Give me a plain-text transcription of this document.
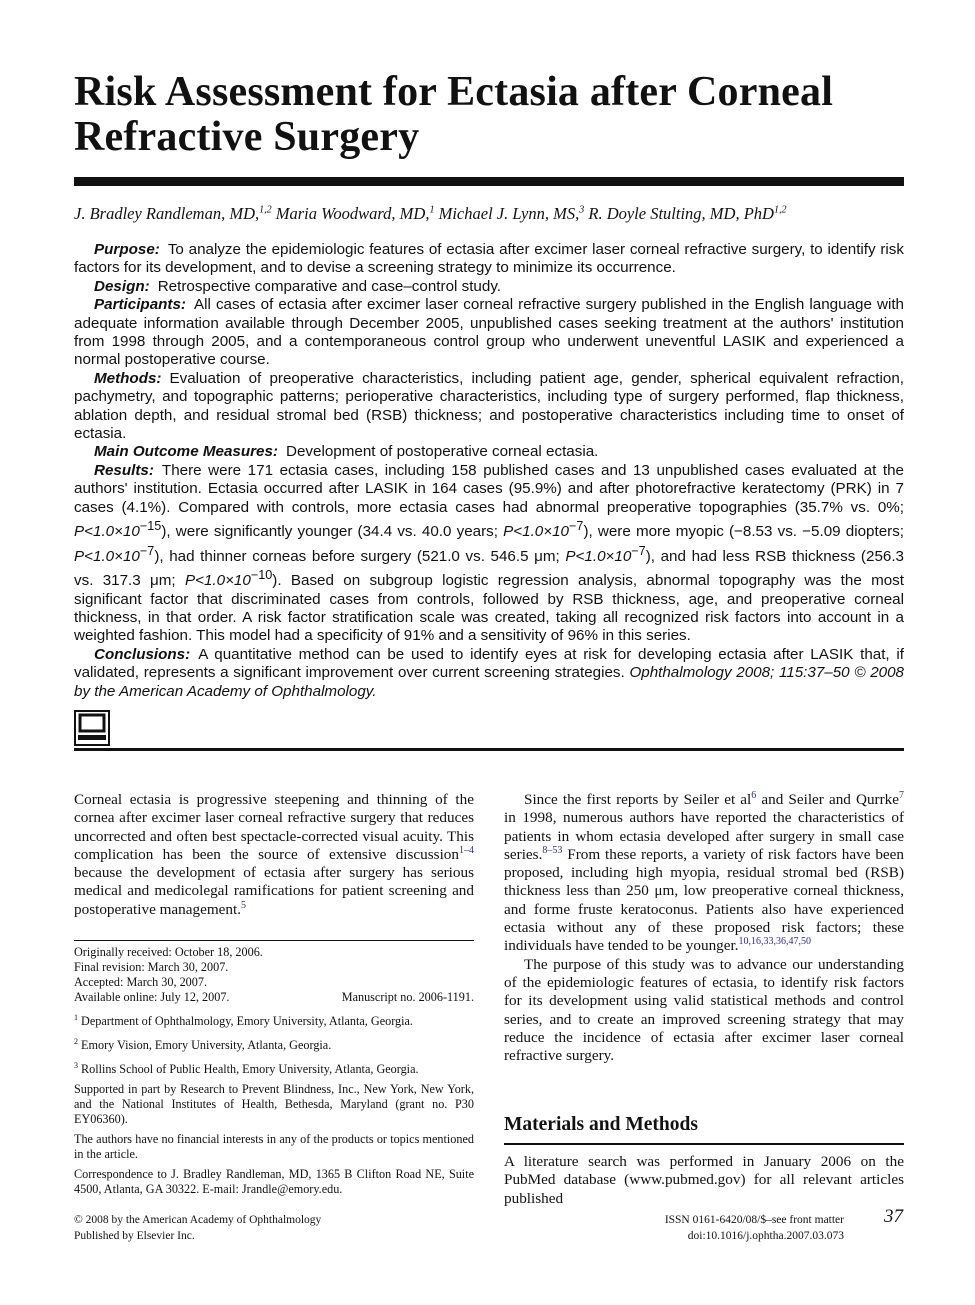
Risk Assessment for Ectasia after Corneal Refractive Surgery
J. Bradley Randleman, MD,$^{1,2}$ Maria Woodward, MD,$^1$ Michael J. Lynn, MS,$^3$ R. Doyle Stulting, MD, PhD$^{1,2}$

Purpose: To analyze the epidemiologic features of ectasia after excimer laser corneal refractive surgery, to identify risk factors for its development, and to devise a screening strategy to minimize its occurrence.

Design: Retrospective comparative and case–control study.

Participants: All cases of ectasia after excimer laser corneal refractive surgery published in the English language with adequate information available through December 2005, unpublished cases seeking treatment at the authors' institution from 1998 through 2005, and a contemporaneous control group who underwent uneventful LASIK and experienced a normal postoperative course.

Methods: Evaluation of preoperative characteristics, including patient age, gender, spherical equivalent refraction, pachymetry, and topographic patterns; perioperative characteristics, including type of surgery performed, flap thickness, ablation depth, and residual stromal bed (RSB) thickness; and postoperative characteristics including time to onset of ectasia.

Main Outcome Measures: Development of postoperative corneal ectasia.

Results: There were 171 ectasia cases, including 158 published cases and 13 unpublished cases evaluated at the authors' institution. Ectasia occurred after LASIK in 164 cases (95.9%) and after photorefractive keratectomy (PRK) in 7 cases (4.1%). Compared with controls, more ectasia cases had abnormal preoperative topographies (35.7% vs. 0%; $P<1.0\times 10^{-15}$), were significantly younger (34.4 vs. 40.0 years; $P<1.0\times 10^{-7}$), were more myopic (−8.53 vs. −5.09 diopters; $P<1.0\times 10^{-7}$), had thinner corneas before surgery (521.0 vs. 546.5 μm; $P<1.0\times 10^{-7}$), and had less RSB thickness (256.3 vs. 317.3 μm; $P<1.0\times 10^{-10}$). Based on subgroup logistic regression analysis, abnormal topography was the most significant factor that discriminated cases from controls, followed by RSB thickness, age, and preoperative corneal thickness, in that order. A risk factor stratification scale was created, taking all recognized risk factors into account in a weighted fashion. This model had a specificity of 91% and a sensitivity of 96% in this series.

Conclusions: A quantitative method can be used to identify eyes at risk for developing ectasia after LASIK that, if validated, represents a significant improvement over current screening strategies. Ophthalmology 2008; 115:37–50 © 2008 by the American Academy of Ophthalmology.

Corneal ectasia is progressive steepening and thinning of the cornea after excimer laser corneal refractive surgery that reduces uncorrected and often best spectacle-corrected visual acuity. This complication has been the source of extensive discussion$^{1-4}$ because the development of ectasia after surgery has serious medical and medicolegal ramifications for patient screening and postoperative management.$^5$

Originally received: October 18, 2006.

Final revision: March 30, 2007.

Accepted: March 30, 2007.

Available online: July 12, 2007.	Manuscript no. 2006-1191.

$^1$ Department of Ophthalmology, Emory University, Atlanta, Georgia.

$^2$ Emory Vision, Emory University, Atlanta, Georgia.

$^3$ Rollins School of Public Health, Emory University, Atlanta, Georgia.

Supported in part by Research to Prevent Blindness, Inc., New York, New York, and the National Institutes of Health, Bethesda, Maryland (grant no. P30 EY06360).

The authors have no financial interests in any of the products or topics mentioned in the article.

Correspondence to J. Bradley Randleman, MD, 1365 B Clifton Road NE, Suite 4500, Atlanta, GA 30322. E-mail: Jrandle@emory.edu.

Since the first reports by Seiler et al$^6$ and Seiler and Qurrke$^7$ in 1998, numerous authors have reported the characteristics of patients in whom ectasia developed after surgery in small case series.$^{8-53}$ From these reports, a variety of risk factors have been proposed, including high myopia, residual stromal bed (RSB) thickness less than 250 μm, low preoperative corneal thickness, and forme fruste keratoconus. Patients also have experienced ectasia without any of these proposed risk factors; these individuals have tended to be younger.$^{10,16,33,36,47,50}$

The purpose of this study was to advance our understanding of the epidemiologic features of ectasia, to identify risk factors for its development using valid statistical methods and control series, and to create an improved screening strategy that may reduce the incidence of ectasia after excimer laser corneal refractive surgery.

Materials and Methods

A literature search was performed in January 2006 on the PubMed database (www.pubmed.gov) for all relevant articles published

© 2008 by the American Academy of Ophthalmology
Published by Elsevier Inc.
ISSN 0161-6420/08/$–see front matter
doi:10.1016/j.ophtha.2007.03.073
37
